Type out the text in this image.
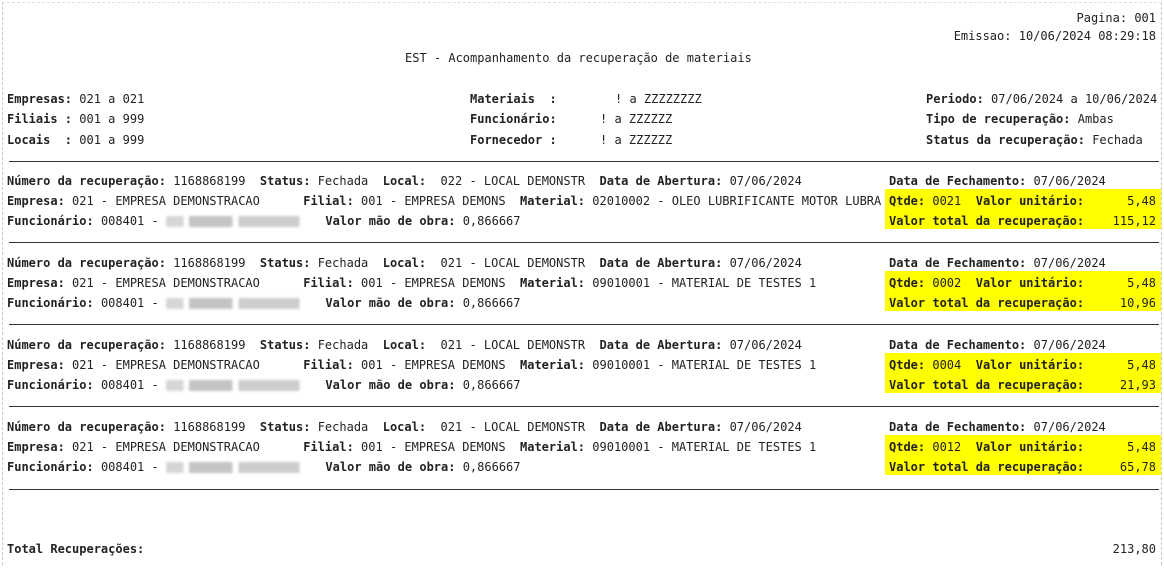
Pagina: 001
Emissao: 10/06/2024 08:29:18
EST - Acompanhamento da recuperação de materiais
Empresas: 021 a 021
Filiais : 001 a 999
Locais  : 001 a 999
Materiais  :	! a ZZZZZZZZ
Funcionário:	! a ZZZZZZ
Fornecedor :	! a ZZZZZZ
Periodo: 07/06/2024 a 10/06/2024
Tipo de recuperação: Ambas
Status da recuperação: Fechada
Número da recuperação: 1168868199 Status: Fechada Local: 022 - LOCAL DEMONSTR Data de Abertura: 07/06/2024	Data de Fechamento: 07/06/2024
Empresa: 021 - EMPRESA DEMONSTRACAO	Filial: 001 - EMPRESA DEMONS Material: 02010002 - OLEO LUBRIFICANTE MOTOR LUBRA Qtde: 0021 Valor unitário:	5,48
Funcionário: 008401 -	Valor mão de obra: 0,866667	Valor total da recuperação: 115,12
Número da recuperação: 1168868199 Status: Fechada Local: 021 - LOCAL DEMONSTR Data de Abertura: 07/06/2024	Data de Fechamento: 07/06/2024
Empresa: 021 - EMPRESA DEMONSTRACAO	Filial: 001 - EMPRESA DEMONS Material: 09010001 - MATERIAL DE TESTES 1	Qtde: 0002 Valor unitário:	5,48
Funcionário: 008401 -	Valor mão de obra: 0,866667	Valor total da recuperação:	10,96
Número da recuperação: 1168868199 Status: Fechada Local: 021 - LOCAL DEMONSTR Data de Abertura: 07/06/2024	Data de Fechamento: 07/06/2024
Empresa: 021 - EMPRESA DEMONSTRACAO	Filial: 001 - EMPRESA DEMONS Material: 09010001 - MATERIAL DE TESTES 1	Qtde: 0004 Valor unitário:	5,48
Funcionário: 008401 -	Valor mão de obra: 0,866667	Valor total da recuperação:	21,93
Número da recuperação: 1168868199 Status: Fechada Local: 021 - LOCAL DEMONSTR Data de Abertura: 07/06/2024	Data de Fechamento: 07/06/2024
Empresa: 021 - EMPRESA DEMONSTRACAO	Filial: 001 - EMPRESA DEMONS Material: 09010001 - MATERIAL DE TESTES 1	Qtde: 0012 Valor unitário:	5,48
Funcionário: 008401 -	Valor mão de obra: 0,866667	Valor total da recuperação:	65,78
Total Recuperações:	213,80
